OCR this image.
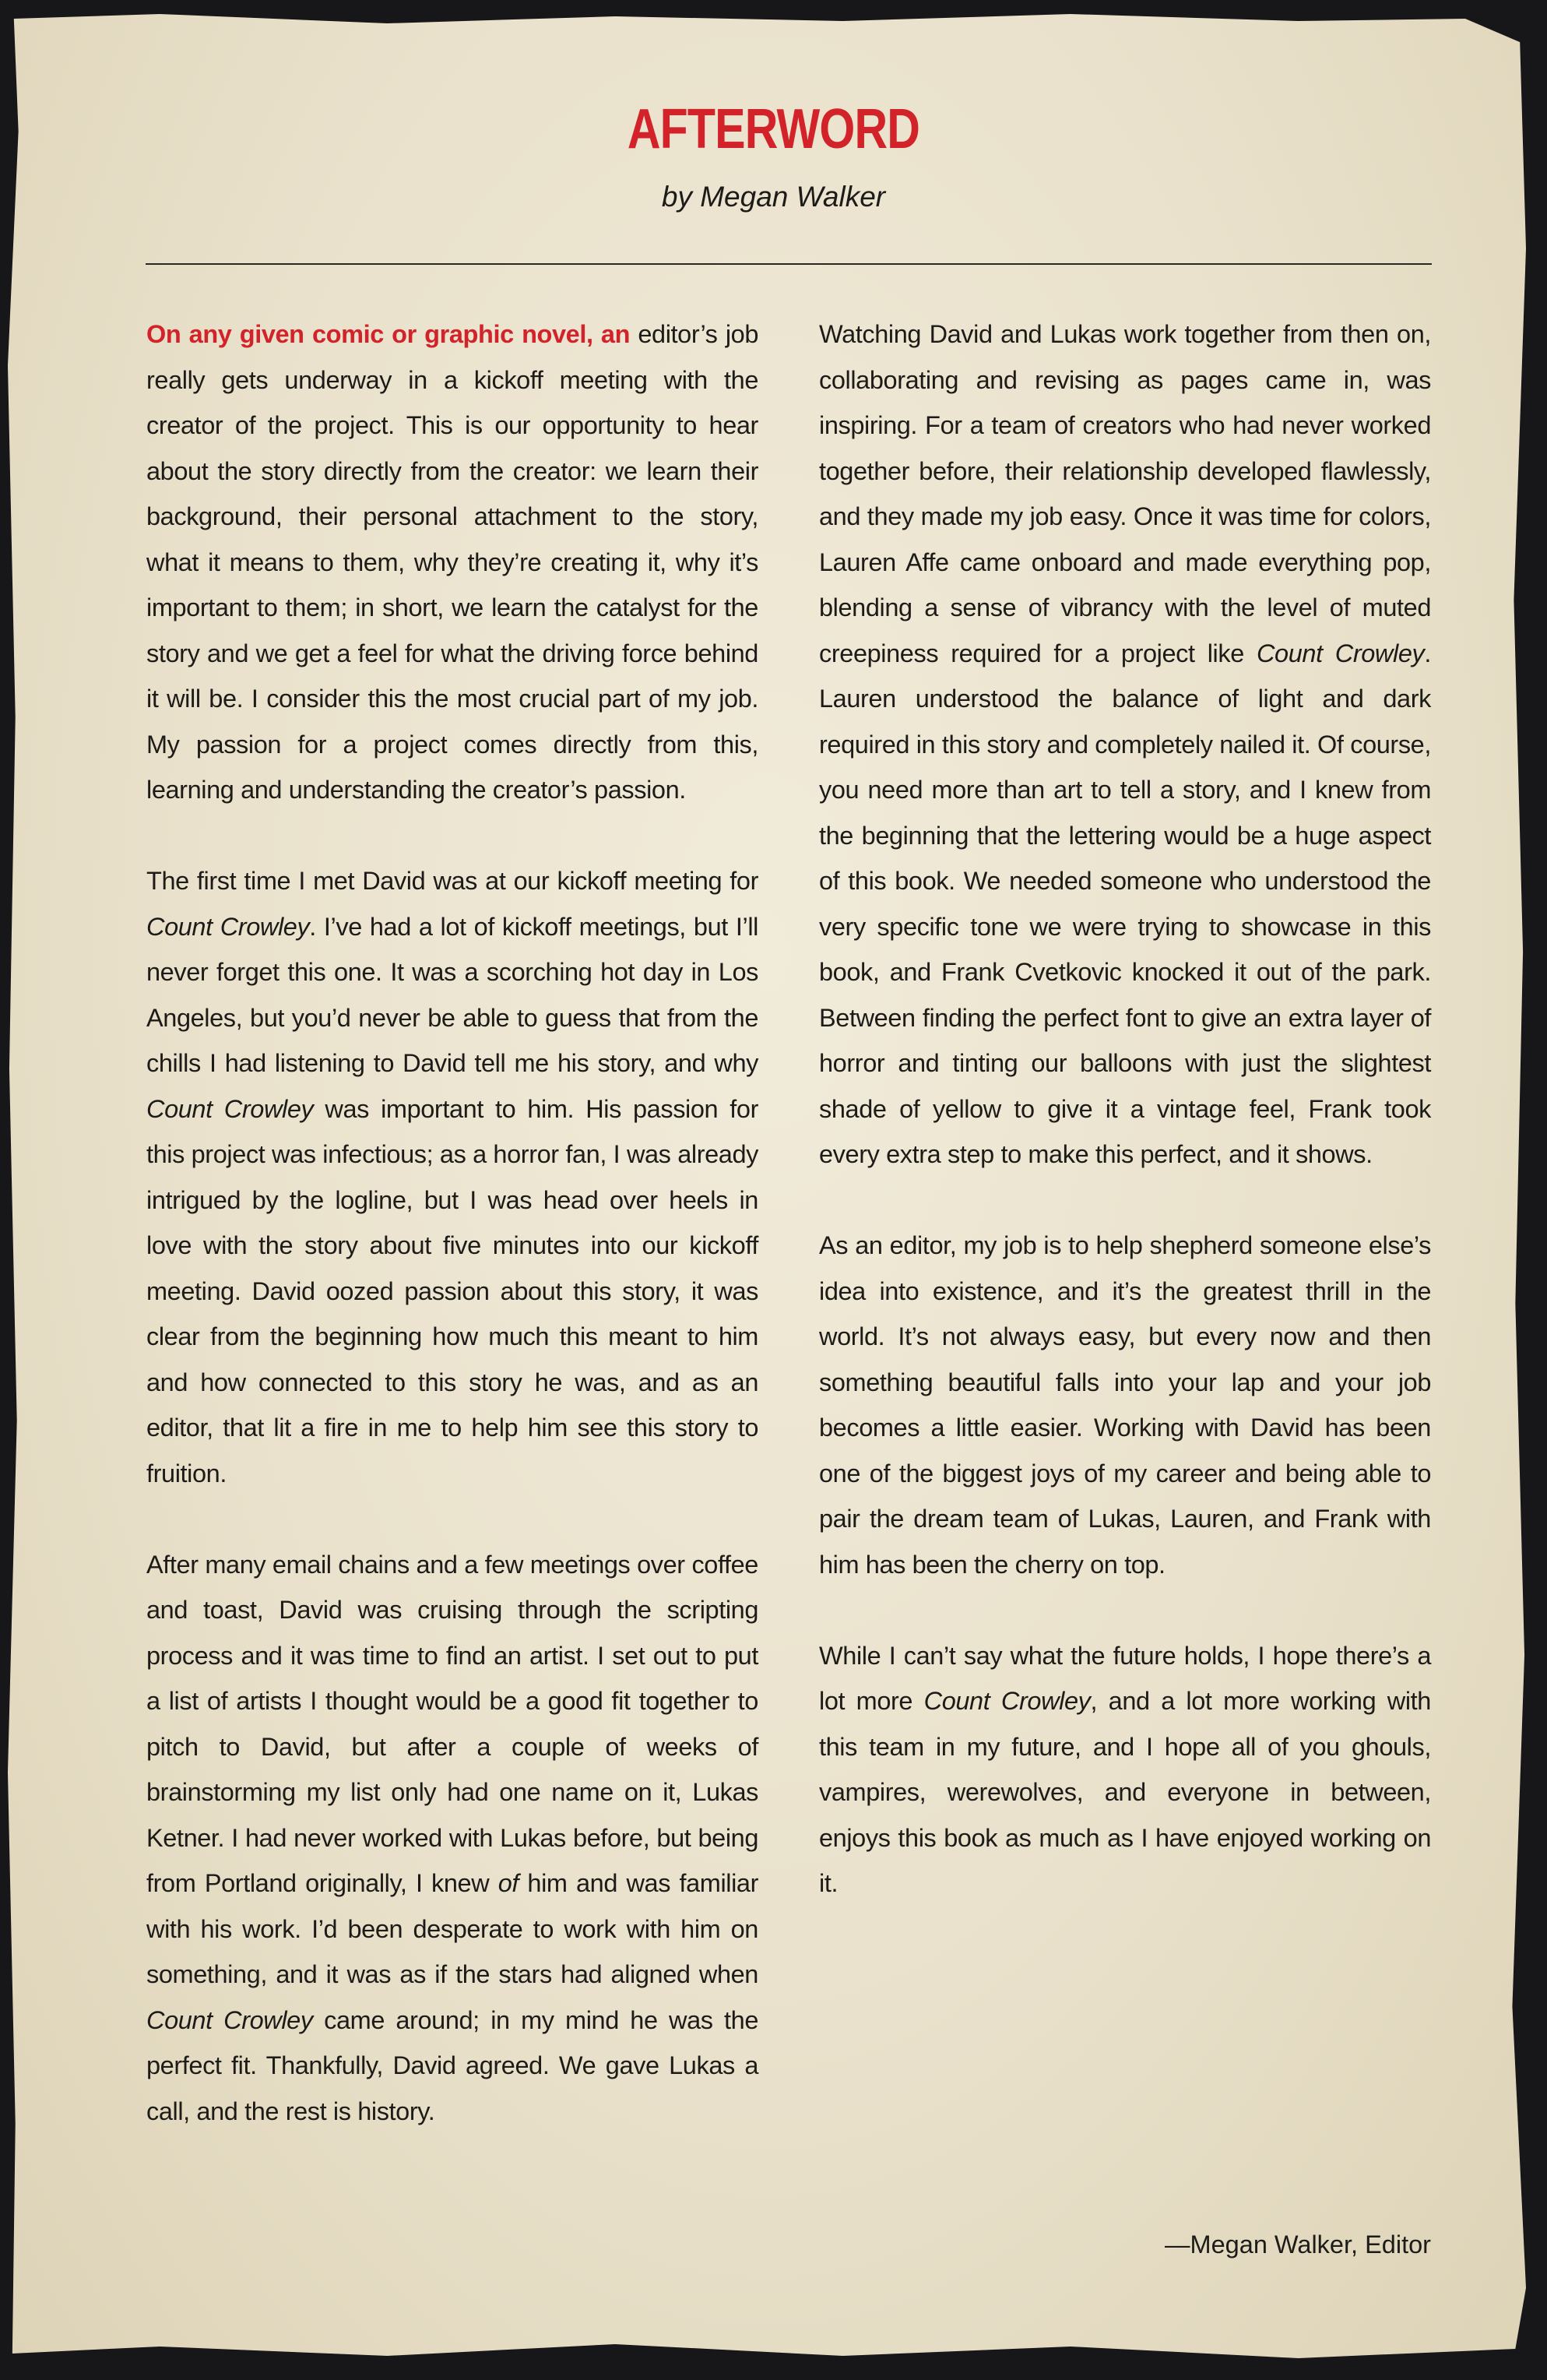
AFTERWORD
by Megan Walker

On any given comic or graphic novel, an editor’s job really gets underway in a kickoff meeting with the creator of the project. This is our opportunity to hear about the story directly from the creator: we learn their background, their personal attachment to the story, what it means to them, why they’re creating it, why it’s important to them; in short, we learn the catalyst for the story and we get a feel for what the driving force behind it will be. I consider this the most crucial part of my job. My passion for a project comes directly from this, learning and understanding the creator’s passion.

The first time I met David was at our kickoff meeting for Count Crowley. I’ve had a lot of kickoff meetings, but I’ll never forget this one. It was a scorching hot day in Los Angeles, but you’d never be able to guess that from the chills I had listening to David tell me his story, and why Count Crowley was important to him. His passion for this project was infectious; as a horror fan, I was already intrigued by the logline, but I was head over heels in love with the story about five minutes into our kickoff meeting. David oozed passion about this story, it was clear from the beginning how much this meant to him and how connected to this story he was, and as an editor, that lit a fire in me to help him see this story to fruition.

After many email chains and a few meetings over coffee and toast, David was cruising through the scripting process and it was time to find an artist. I set out to put a list of artists I thought would be a good fit together to pitch to David, but after a couple of weeks of brainstorming my list only had one name on it, Lukas Ketner. I had never worked with Lukas before, but being from Portland originally, I knew of him and was familiar with his work. I’d been desperate to work with him on something, and it was as if the stars had aligned when Count Crowley came around; in my mind he was the perfect fit. Thankfully, David agreed. We gave Lukas a call, and the rest is history.

Watching David and Lukas work together from then on, collaborating and revising as pages came in, was inspiring. For a team of creators who had never worked together before, their relationship developed flawlessly, and they made my job easy. Once it was time for colors, Lauren Affe came onboard and made everything pop, blending a sense of vibrancy with the level of muted creepiness required for a project like Count Crowley. Lauren understood the balance of light and dark required in this story and completely nailed it. Of course, you need more than art to tell a story, and I knew from the beginning that the lettering would be a huge aspect of this book. We needed someone who understood the very specific tone we were trying to showcase in this book, and Frank Cvetkovic knocked it out of the park. Between finding the perfect font to give an extra layer of horror and tinting our balloons with just the slightest shade of yellow to give it a vintage feel, Frank took every extra step to make this perfect, and it shows.

As an editor, my job is to help shepherd someone else’s idea into existence, and it’s the greatest thrill in the world. It’s not always easy, but every now and then something beautiful falls into your lap and your job becomes a little easier. Working with David has been one of the biggest joys of my career and being able to pair the dream team of Lukas, Lauren, and Frank with him has been the cherry on top.

While I can’t say what the future holds, I hope there’s a lot more Count Crowley, and a lot more working with this team in my future, and I hope all of you ghouls, vampires, werewolves, and everyone in between, enjoys this book as much as I have enjoyed working on it.

—Megan Walker, Editor
